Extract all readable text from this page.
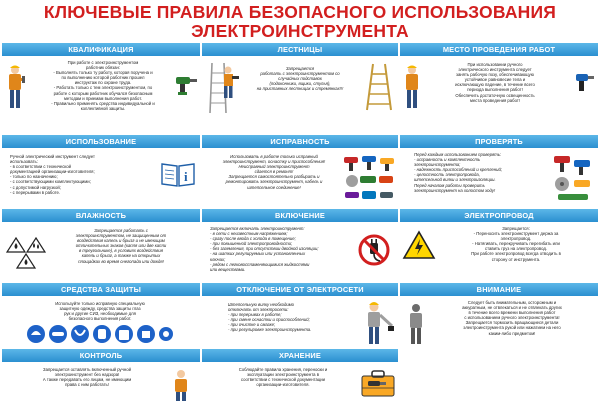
КЛЮЧЕВЫЕ ПРАВИЛА БЕЗОПАСНОГО ИСПОЛЬЗОВАНИЯ
ЭЛЕКТРОИНСТРУМЕНТА
КВАЛИФИКАЦИЯ
При работе с электроинструментом
работник обязан:
- Выполнять только ту работу, которая поручена и
по выполнению которой работник прошел
инструктаж по охране труда.
- Работать только с тем электроинструментом, по
работе с которым работник обучался безопасным
методам и приемам выполнения работ.
- Правильно применять средства индивидуальной и
коллективной защиты.
ЛЕСТНИЦЫ
Запрещается
работать с электроинструментом со
случайных подставок
(подоконники, ящики, стулья),
на приставных лестницах и стремянках!!!
МЕСТО ПРОВЕДЕНИЯ РАБОТ
При использовании ручного
электрического инструмента следует
занять рабочую позу, обеспечивающую
устойчивое равновесие тела и
исключающую падение, в течение всего
периода выполнения работ!
Обеспечить достаточную освещенность
места проведения работ!
ИСПОЛЬЗОВАНИЕ
Ручной электрический инструмент следует
использовать:
- в соответствии с технической
документацией организации-изготовителя;
- только по назначению;
- с соответствующими комплектующими;
- с допустимой нагрузкой;
- с перерывами в работе.
i
ИСПРАВНОСТЬ
Использовать в работе только исправный
электроинструмент, оснастку и приспособления!
Неисправный электроинструмент
сдается в ремонт!
Запрещается самостоятельно разбирать и
ремонтировать электроинструмент, кабель и
штепсельное соединение!
ПРОВЕРЯТЬ
Перед каждым использованием проверять:
- исправность и комплектность
электроинструмента;
- надежность приспособлений и креплений;
- целостность электропровода,
штепсельной вилки и электроизоляции.
Перед началом работы проверить
электроинструмент на холостом ходу!
ВЛАЖНОСТЬ
Запрещается работать с
электроинструментом, не защищенным от
воздействия капель и брызг и не имеющим
отличительных знаков (капля или две капли
в треугольнике), в условиях воздействия
капель и брызг, а также на открытых
площадках во время снегопада или дождя!
ВКЛЮЧЕНИЕ
Запрещается включать электроинструмент:
- в сети с неизвестным напряжением;
- сразу после ввода с холода в помещение;
- при повышенной электропроводности;
- без заземления, при отсутствии двойной изоляции;
- на шатких регулируемых или установленных
ключах;
- рядом с легковоспламеняющимися жидкостями
или веществами.
ЭЛЕКТРОПРОВОД
Запрещается:
- Переносить электроинструмент держа за
электропровод.
- Натягивать, перекручивать перегибать или
ставить груз на электропровод.
При работе электропровод всегда отводить в
сторону от инструмента.
СРЕДСТВА ЗАЩИТЫ
Используйте только исправную специальную
защитную одежду, средства защиты глаз
рук и другие СИЗ, необходимые для
безопасного выполнения работ.
ОТКЛЮЧЕНИЕ ОТ ЭЛЕКТРОСЕТИ
Штепсельную вилку необходимо
отключать от электросети:
- при перерывах в работе;
- при смене оснастки и приспособлений;
- при очистке и смазке;
- при регулировке электроинструмента.
ВНИМАНИЕ
Следует быть внимательным, осторожным и
аккуратным, не отвлекаться и не отвлекать других
в течение всего времени выполнения работ
с использованием ручного электроинструмента!
Запрещается тормозить вращающиеся детали
электроинструмента рукой или нажатием на него
каким-либо предметом!
КОНТРОЛЬ
Запрещается оставлять включенный ручной
электроинструмент без надзора!
А также передавать его лицам, не имеющим
права с ним работать!
ХРАНЕНИЕ
Соблюдайте правила хранения, переноски и
эксплуатации электроинструмента в
соответствии с технической документации
организации-изготовителя.
